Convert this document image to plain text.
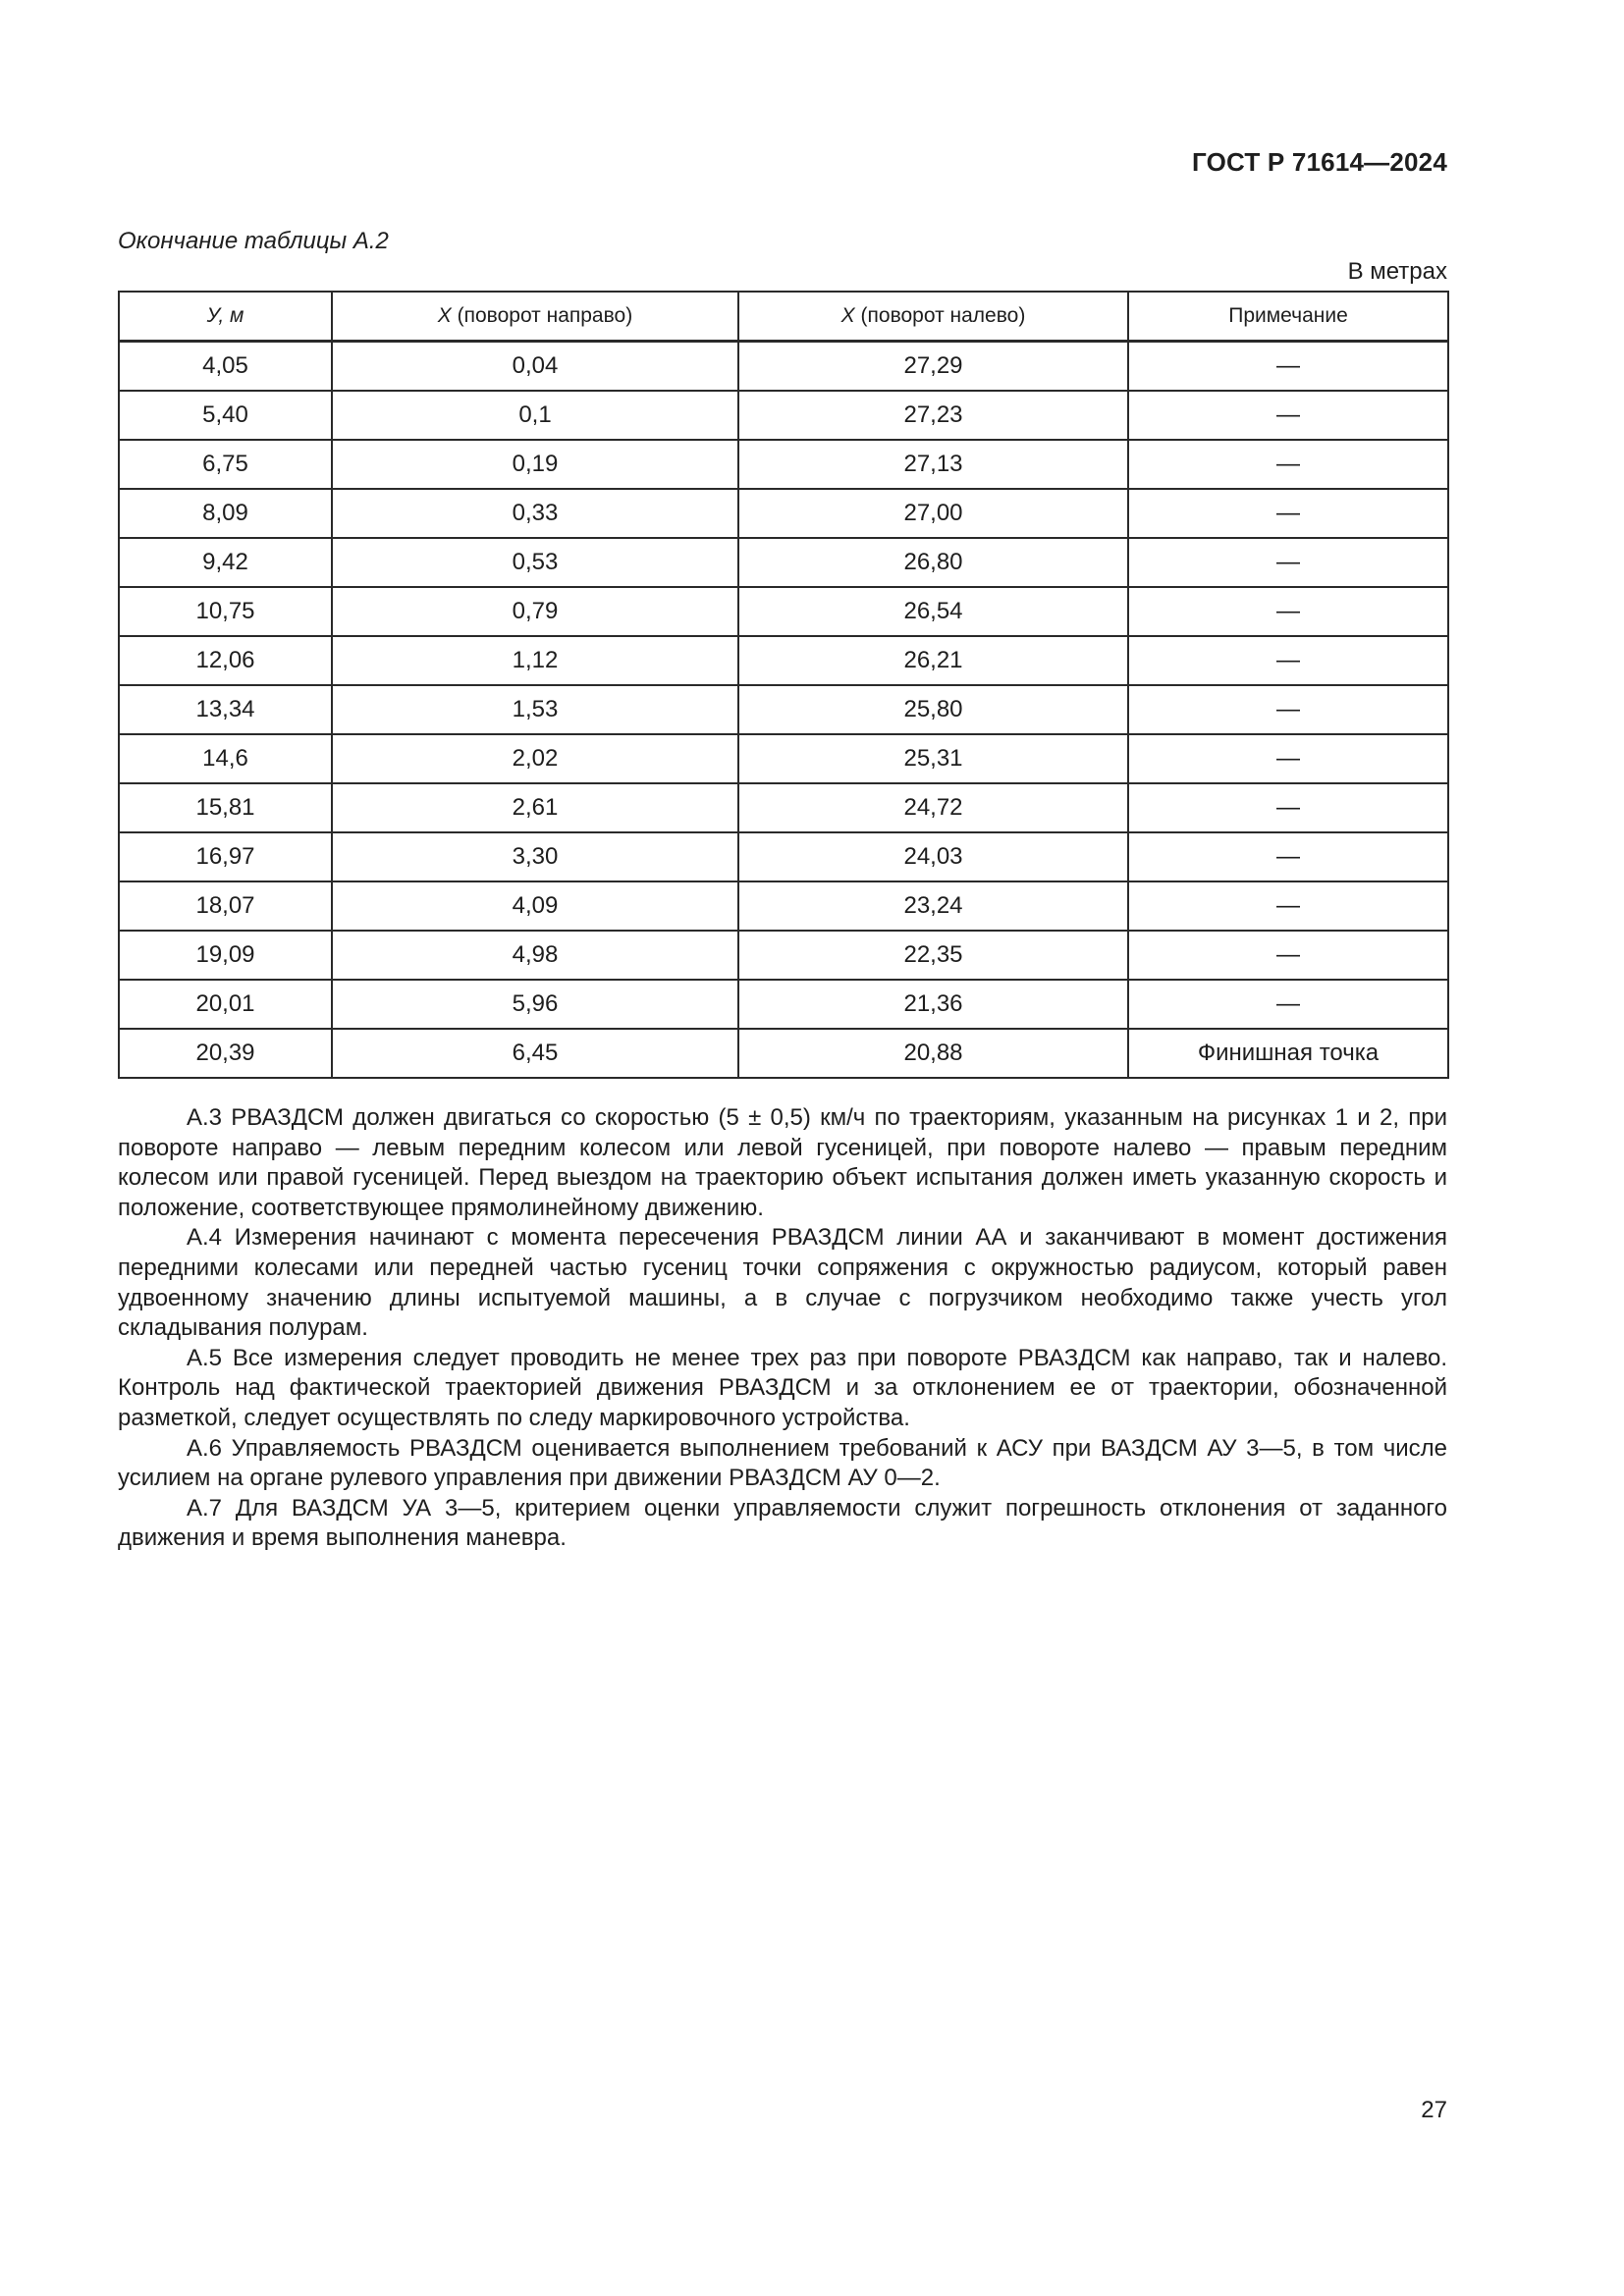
ГОСТ Р 71614—2024
Окончание таблицы А.2
В метрах
У, м	Х (поворот направо)	Х (поворот налево)	Примечание
4,05	0,04	27,29	—
5,40	0,1	27,23	—
6,75	0,19	27,13	—
8,09	0,33	27,00	—
9,42	0,53	26,80	—
10,75	0,79	26,54	—
12,06	1,12	26,21	—
13,34	1,53	25,80	—
14,6	2,02	25,31	—
15,81	2,61	24,72	—
16,97	3,30	24,03	—
18,07	4,09	23,24	—
19,09	4,98	22,35	—
20,01	5,96	21,36	—
20,39	6,45	20,88	Финишная точка

А.3 РВАЗДСМ должен двигаться со скоростью (5 ± 0,5) км/ч по траекториям, указанным на рисунках 1 и 2, при повороте направо — левым передним колесом или левой гусеницей, при повороте налево — правым передним колесом или правой гусеницей. Перед выездом на траекторию объект испытания должен иметь указанную скорость и положение, соответствующее прямолинейному движению.

А.4 Измерения начинают с момента пересечения РВАЗДСМ линии АА и заканчивают в момент достижения передними колесами или передней частью гусениц точки сопряжения с окружностью радиусом, который равен удвоенному значению длины испытуемой машины, а в случае с погрузчиком необходимо также учесть угол складывания полурам.

А.5 Все измерения следует проводить не менее трех раз при повороте РВАЗДСМ как направо, так и налево. Контроль над фактической траекторией движения РВАЗДСМ и за отклонением ее от траектории, обозначенной разметкой, следует осуществлять по следу маркировочного устройства.

А.6 Управляемость РВАЗДСМ оценивается выполнением требований к АСУ при ВАЗДСМ АУ 3—5, в том числе усилием на органе рулевого управления при движении РВАЗДСМ АУ 0—2.

А.7 Для ВАЗДСМ УА 3—5, критерием оценки управляемости служит погрешность отклонения от заданного движения и время выполнения маневра.

27
